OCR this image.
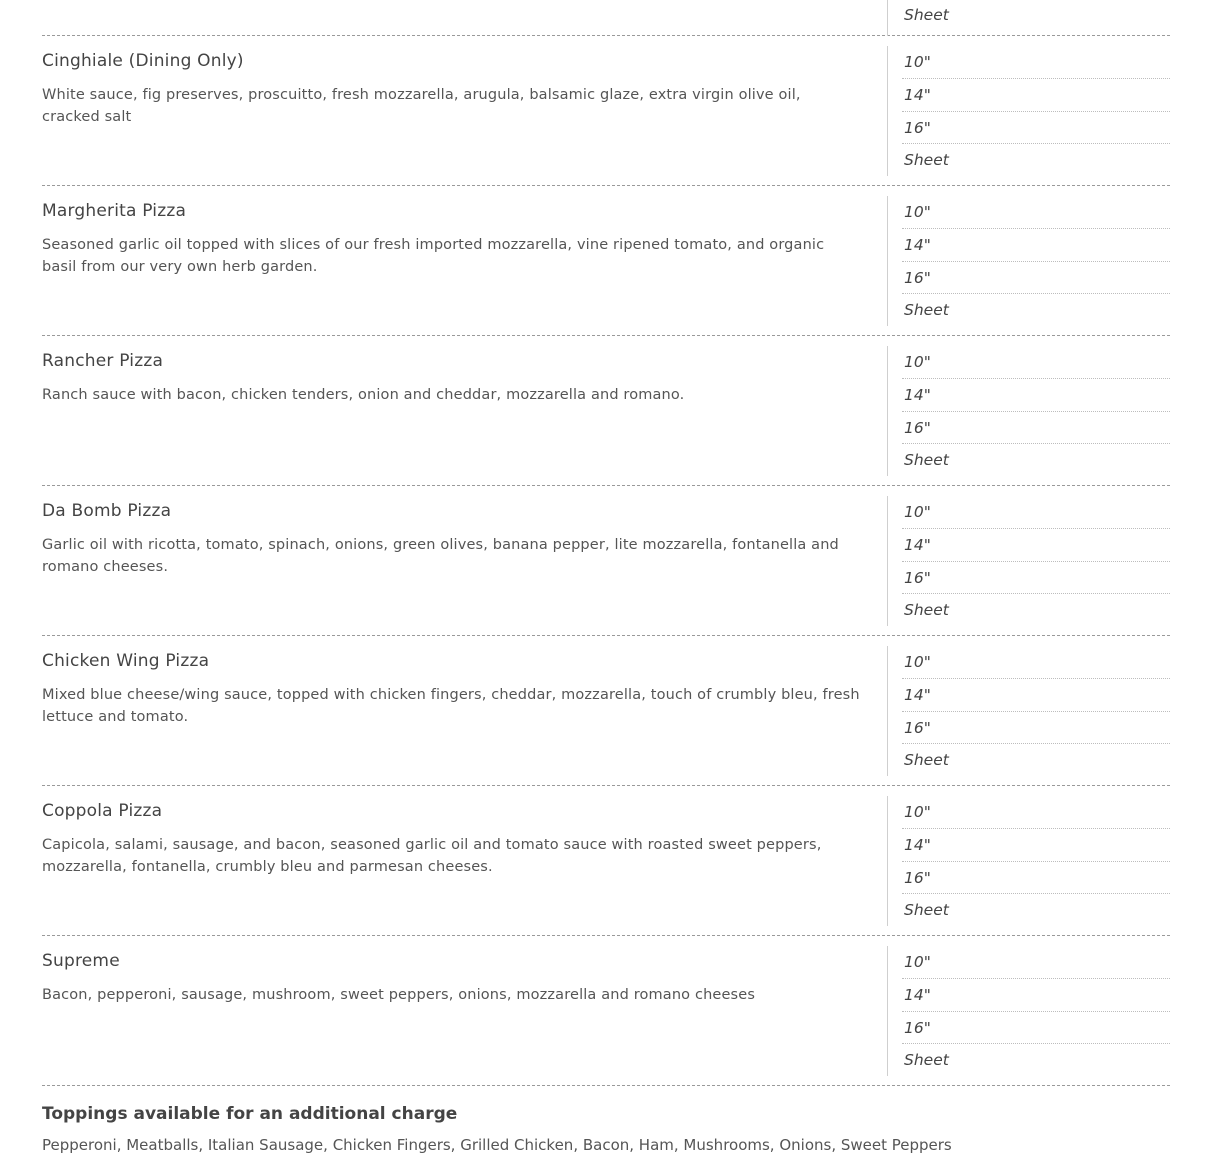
Sheet
Cinghiale (Dining Only)
White sauce, fig preserves, proscuitto, fresh mozzarella, arugula, balsamic glaze, extra virgin olive oil, cracked salt
10"
14"
16"
Sheet
Margherita Pizza
Seasoned garlic oil topped with slices of our fresh imported mozzarella, vine ripened tomato, and organic basil from our very own herb garden.
10"
14"
16"
Sheet
Rancher Pizza
Ranch sauce with bacon, chicken tenders, onion and cheddar, mozzarella and romano.
10"
14"
16"
Sheet
Da Bomb Pizza
Garlic oil with ricotta, tomato, spinach, onions, green olives, banana pepper, lite mozzarella, fontanella and romano cheeses.
10"
14"
16"
Sheet
Chicken Wing Pizza
Mixed blue cheese/wing sauce, topped with chicken fingers, cheddar, mozzarella, touch of crumbly bleu, fresh lettuce and tomato.
10"
14"
16"
Sheet
Coppola Pizza
Capicola, salami, sausage, and bacon, seasoned garlic oil and tomato sauce with roasted sweet peppers, mozzarella, fontanella, crumbly bleu and parmesan cheeses.
10"
14"
16"
Sheet
Supreme
Bacon, pepperoni, sausage, mushroom, sweet peppers, onions, mozzarella and romano cheeses
10"
14"
16"
Sheet
Toppings available for an additional charge
Pepperoni, Meatballs, Italian Sausage, Chicken Fingers, Grilled Chicken, Bacon, Ham, Mushrooms, Onions, Sweet Peppers
